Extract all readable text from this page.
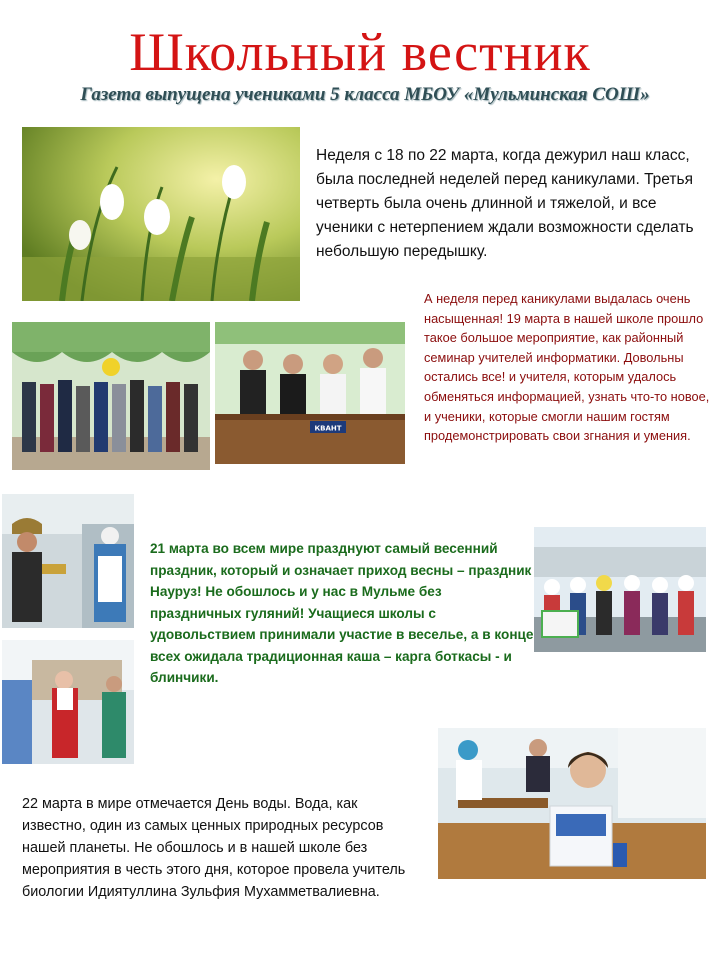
Школьный вестник
Газета выпущена учениками 5 класса МБОУ «Мульминская СОШ»
КВАНТ

Неделя с 18 по 22 марта, когда дежурил наш класс, была последней неделей перед каникулами. Третья четверть была очень длинной и тяжелой, и все ученики с нетерпением ждали возможности сделать небольшую передышку.

А неделя перед каникулами выдалась очень насыщенная! 19 марта в нашей школе прошло такое большое мероприятие, как районный семинар учителей информатики. Довольны остались все! и учителя, которым удалось обменяться информацией, узнать что-то новое, и ученики, которые смогли нашим гостям продемонстрировать свои згнания и умения.

21 марта во всем мире празднуют самый весенний праздник, который и означает приход весны – праздник Науруз! Не обошлось и у нас в Мульме без праздничных гуляний! Учащиеся школы с удовольствием принимали участие в веселье, а в конце всех ожидала традиционная каша – карга боткасы - и блинчики.

22 марта в мире отмечается День воды. Вода, как известно, один из самых ценных природных ресурсов нашей планеты. Не обошлось и в нашей школе без мероприятия в честь этого дня, которое провела учитель биологии Идиятуллина Зульфия Мухамметвалиевна.
